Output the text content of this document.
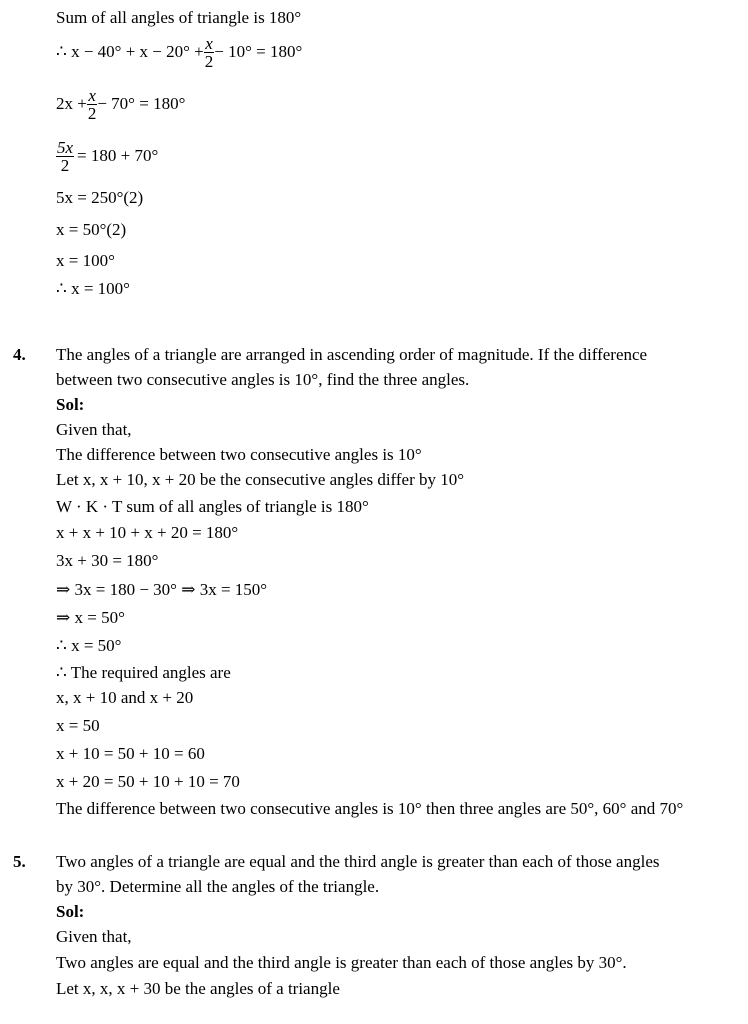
Sum of all angles of triangle is 180°
∴ $x - 40^\circ + x - 20^\circ + \frac{x}{2} - 10^\circ = 180^\circ$
$2x + \frac{x}{2} - 70^\circ = 180^\circ$
$\frac{5x}{2} = 180 + 70^\circ$
5x = 250°(2)
x = 50°(2)
x = 100°
∴ x = 100°
4. The angles of a triangle are arranged in ascending order of magnitude. If the difference
between two consecutive angles is 10°, find the three angles.
Sol:
Given that,
The difference between two consecutive angles is 10°
Let x, x + 10, x + 20 be the consecutive angles differ by 10°
W · K · T sum of all angles of triangle is 180°
x + x + 10 + x + 20 = 180°
3x + 30 = 180°
⇒ 3x = 180 − 30° ⇒ 3x = 150°
⇒ x = 50°
∴ x = 50°
∴ The required angles are
x, x + 10 and x + 20
x = 50
x + 10 = 50 + 10 = 60
x + 20 = 50 + 10 + 10 = 70
The difference between two consecutive angles is 10° then three angles are 50°, 60° and 70°
5. Two angles of a triangle are equal and the third angle is greater than each of those angles
by 30°. Determine all the angles of the triangle.
Sol:
Given that,
Two angles are equal and the third angle is greater than each of those angles by 30°.
Let x, x, x + 30 be the angles of a triangle
